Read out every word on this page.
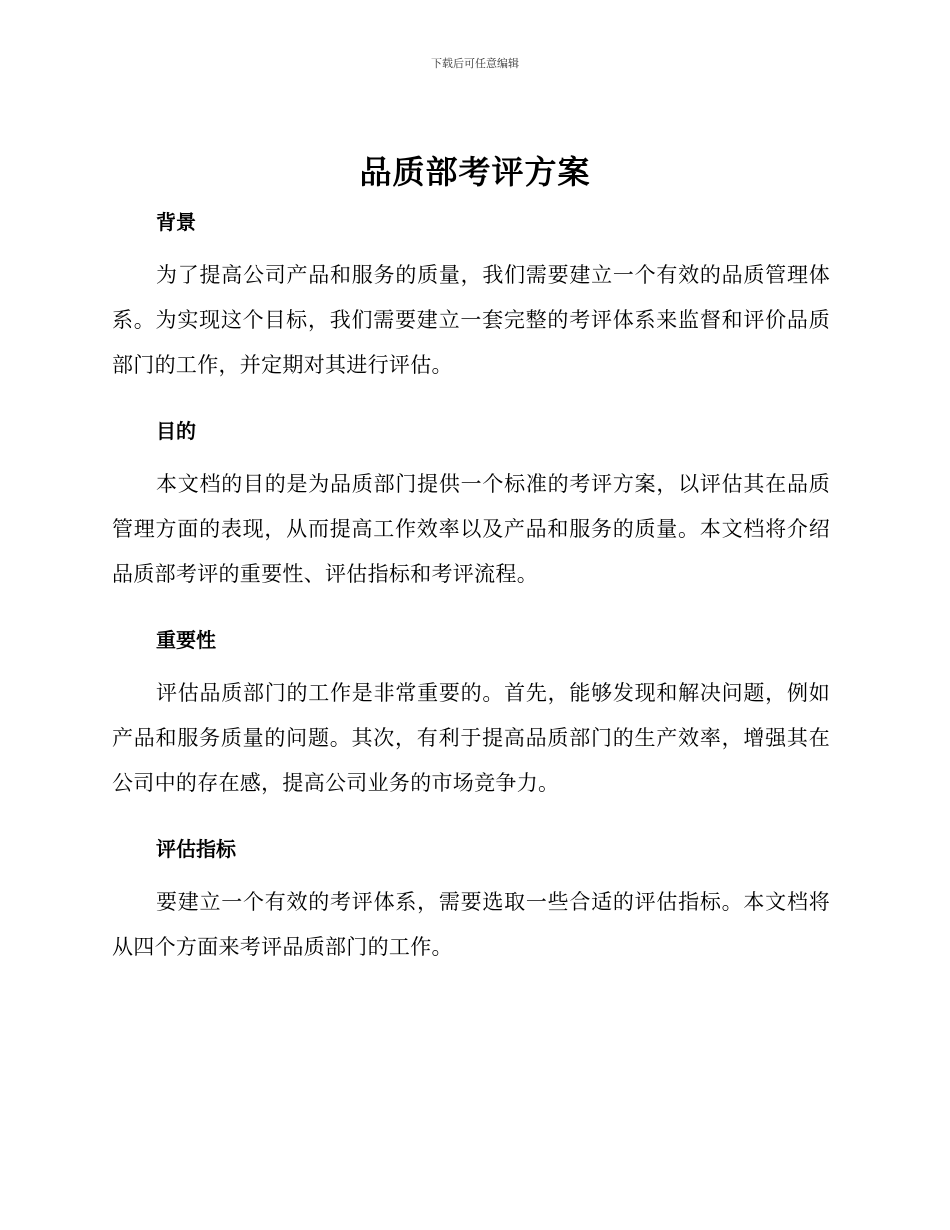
下载后可任意编辑
品质部考评方案
背景

为了提高公司产品和服务的质量，我们需要建立一个有效的品质管理体系。为实现这个目标，我们需要建立一套完整的考评体系来监督和评价品质部门的工作，并定期对其进行评估。

目的

本文档的目的是为品质部门提供一个标准的考评方案，以评估其在品质管理方面的表现，从而提高工作效率以及产品和服务的质量。本文档将介绍品质部考评的重要性、评估指标和考评流程。

重要性

评估品质部门的工作是非常重要的。首先，能够发现和解决问题，例如产品和服务质量的问题。其次，有利于提高品质部门的生产效率，增强其在公司中的存在感，提高公司业务的市场竞争力。

评估指标

要建立一个有效的考评体系，需要选取一些合适的评估指标。本文档将从四个方面来考评品质部门的工作。
